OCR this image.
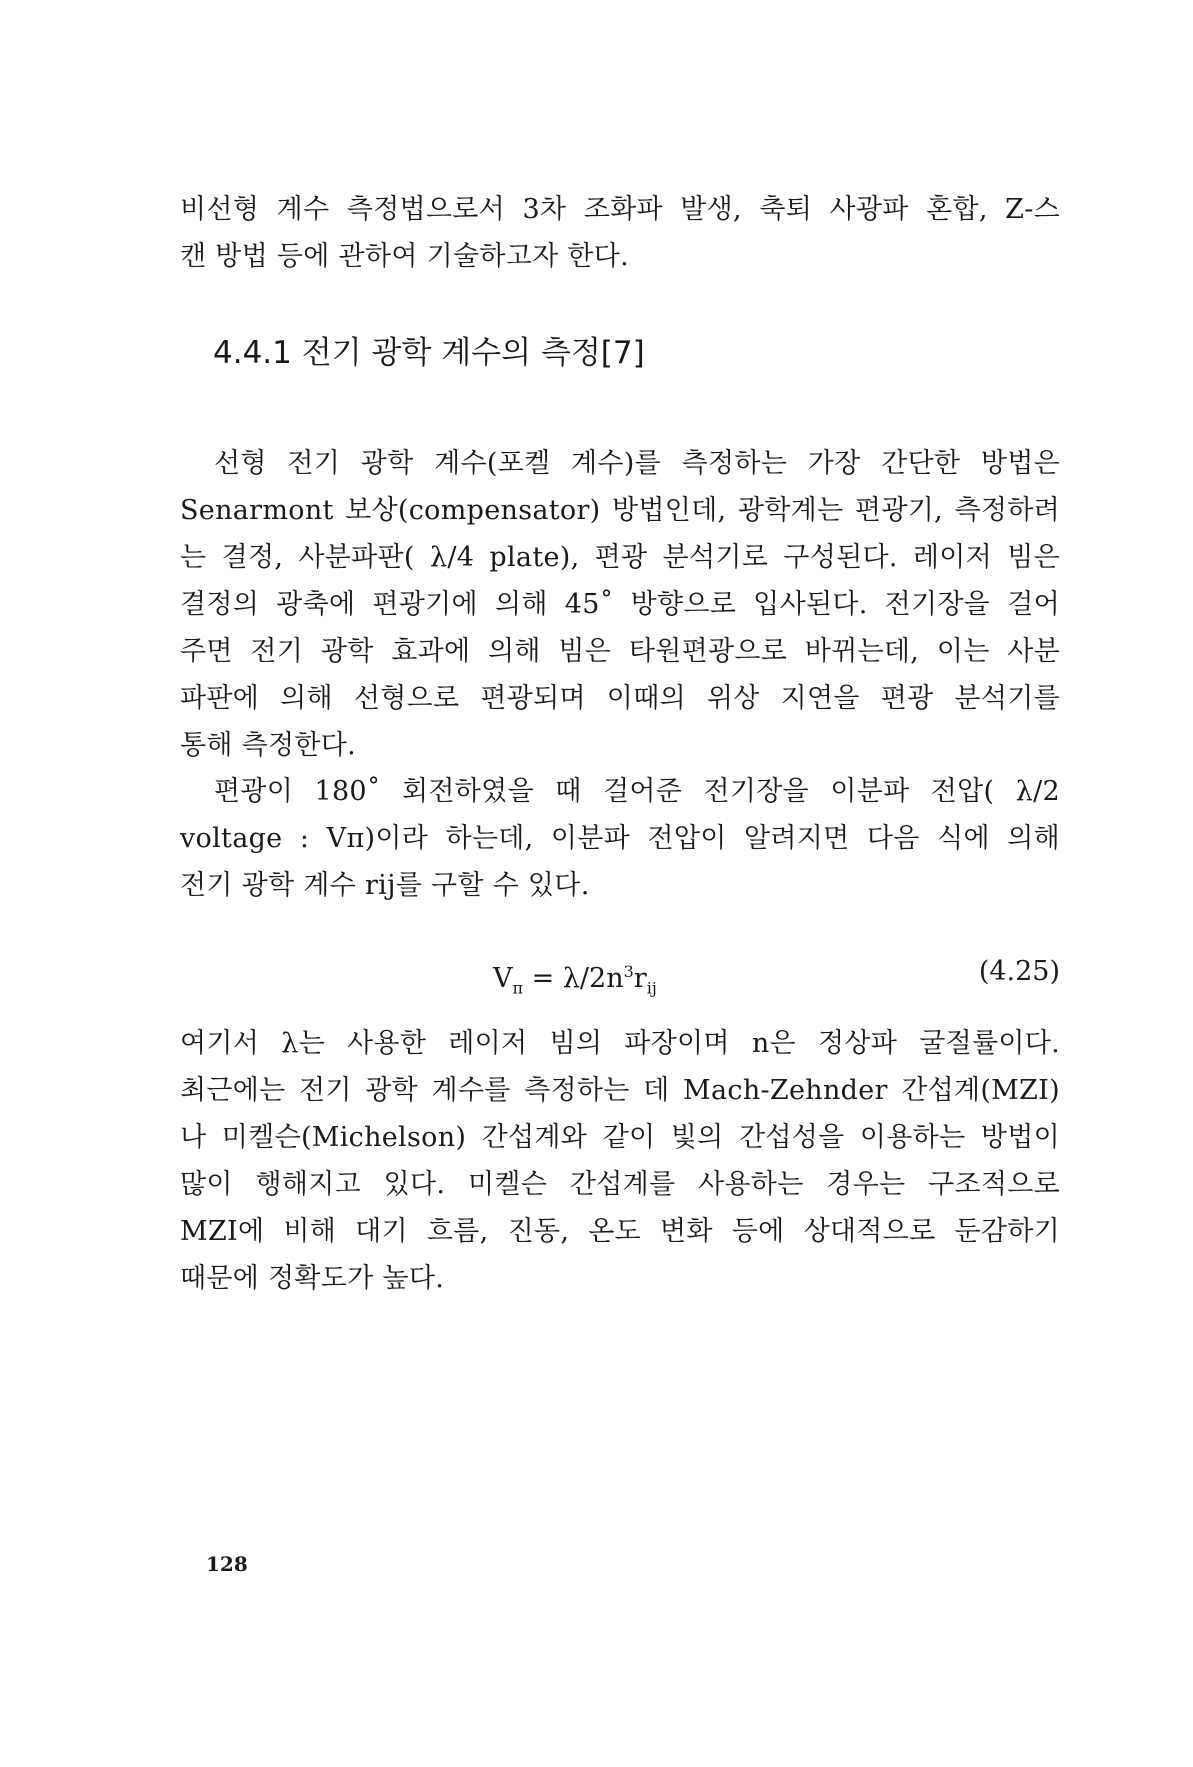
비선형 계수 측정법으로서 3차 조화파 발생, 축퇴 사광파 혼합, Z-스
캔 방법 등에 관하여 기술하고자 한다.

4.4.1 전기 광학 계수의 측정[7]

선형 전기 광학 계수(포켈 계수)를 측정하는 가장 간단한 방법은
Senarmont 보상(compensator) 방법인데, 광학계는 편광기, 측정하려
는 결정, 사분파판( λ/4 plate), 편광 분석기로 구성된다. 레이저 빔은
결정의 광축에 편광기에 의해 45˚ 방향으로 입사된다. 전기장을 걸어
주면 전기 광학 효과에 의해 빔은 타원편광으로 바뀌는데, 이는 사분
파판에 의해 선형으로 편광되며 이때의 위상 지연을 편광 분석기를
통해 측정한다.

편광이 180˚ 회전하였을 때 걸어준 전기장을 이분파 전압( λ/2
voltage : Vπ)이라 하는데, 이분파 전압이 알려지면 다음 식에 의해
전기 광학 계수 rij를 구할 수 있다.

$V_\pi = \lambda/2n^3r_{ij}$
(4.25)

여기서 λ는 사용한 레이저 빔의 파장이며 n은 정상파 굴절률이다.
최근에는 전기 광학 계수를 측정하는 데 Mach-Zehnder 간섭계(MZI)
나 미켈슨(Michelson) 간섭계와 같이 빛의 간섭성을 이용하는 방법이
많이 행해지고 있다. 미켈슨 간섭계를 사용하는 경우는 구조적으로
MZI에 비해 대기 흐름, 진동, 온도 변화 등에 상대적으로 둔감하기
때문에 정확도가 높다.

128
